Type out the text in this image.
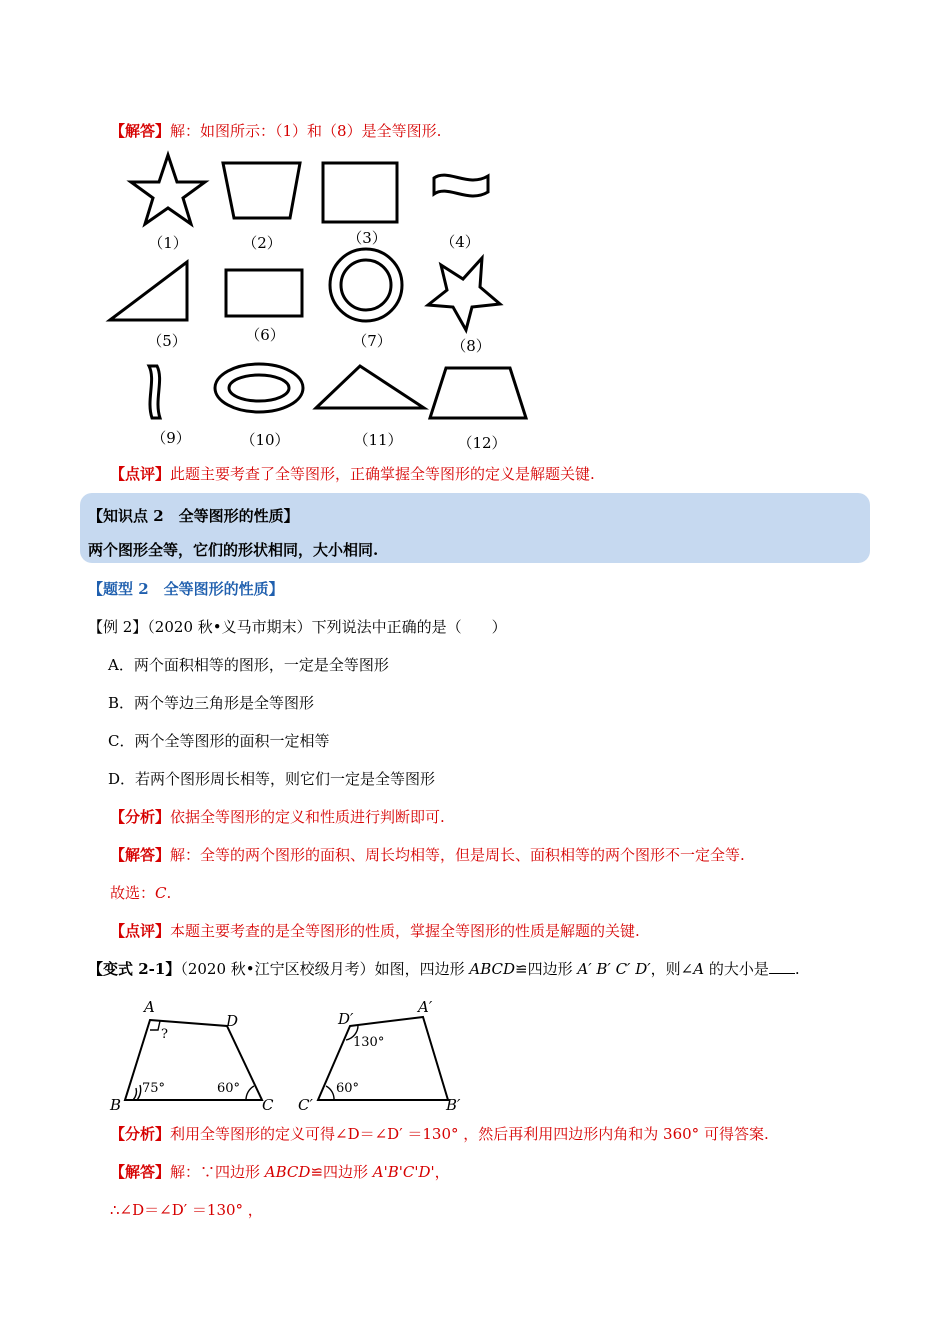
【解答】解：如图所示：（1）和（8）是全等图形.
（1）	（2）	（3）	（4）
（5）	（6）	（7）	（8）
（9）	（10）	（11）	（12）
【点评】此题主要考查了全等图形，正确掌握全等图形的定义是解题关键.
【知识点 2　全等图形的性质】
两个图形全等，它们的形状相同，大小相同.
【题型 2　全等图形的性质】
【例 2】（2020 秋•义马市期末）下列说法中正确的是（　　）
A．两个面积相等的图形，一定是全等图形
B．两个等边三角形是全等图形
C．两个全等图形的面积一定相等
D．若两个图形周长相等，则它们一定是全等图形
【分析】依据全等图形的定义和性质进行判断即可.
【解答】解：全等的两个图形的面积、周长均相等，但是周长、面积相等的两个图形不一定全等.
故选：C.
【点评】本题主要考查的是全等图形的性质，掌握全等图形的性质是解题的关键.
【变式 2-1】（2020 秋•江宁区校级月考）如图，四边形 ABCD≌四边形 A′ B′ C′ D′，则∠A 的大小是 .
A
D
B	C
?
75°	60°
A′
D′
B′
C′
130°
60°
【分析】利用全等图形的定义可得∠D＝∠D′ ＝130° ，然后再利用四边形内角和为 360° 可得答案.
【解答】解：∵四边形 ABCD≌四边形 A'B'C'D'，
∴∠D＝∠D′ ＝130° ，
